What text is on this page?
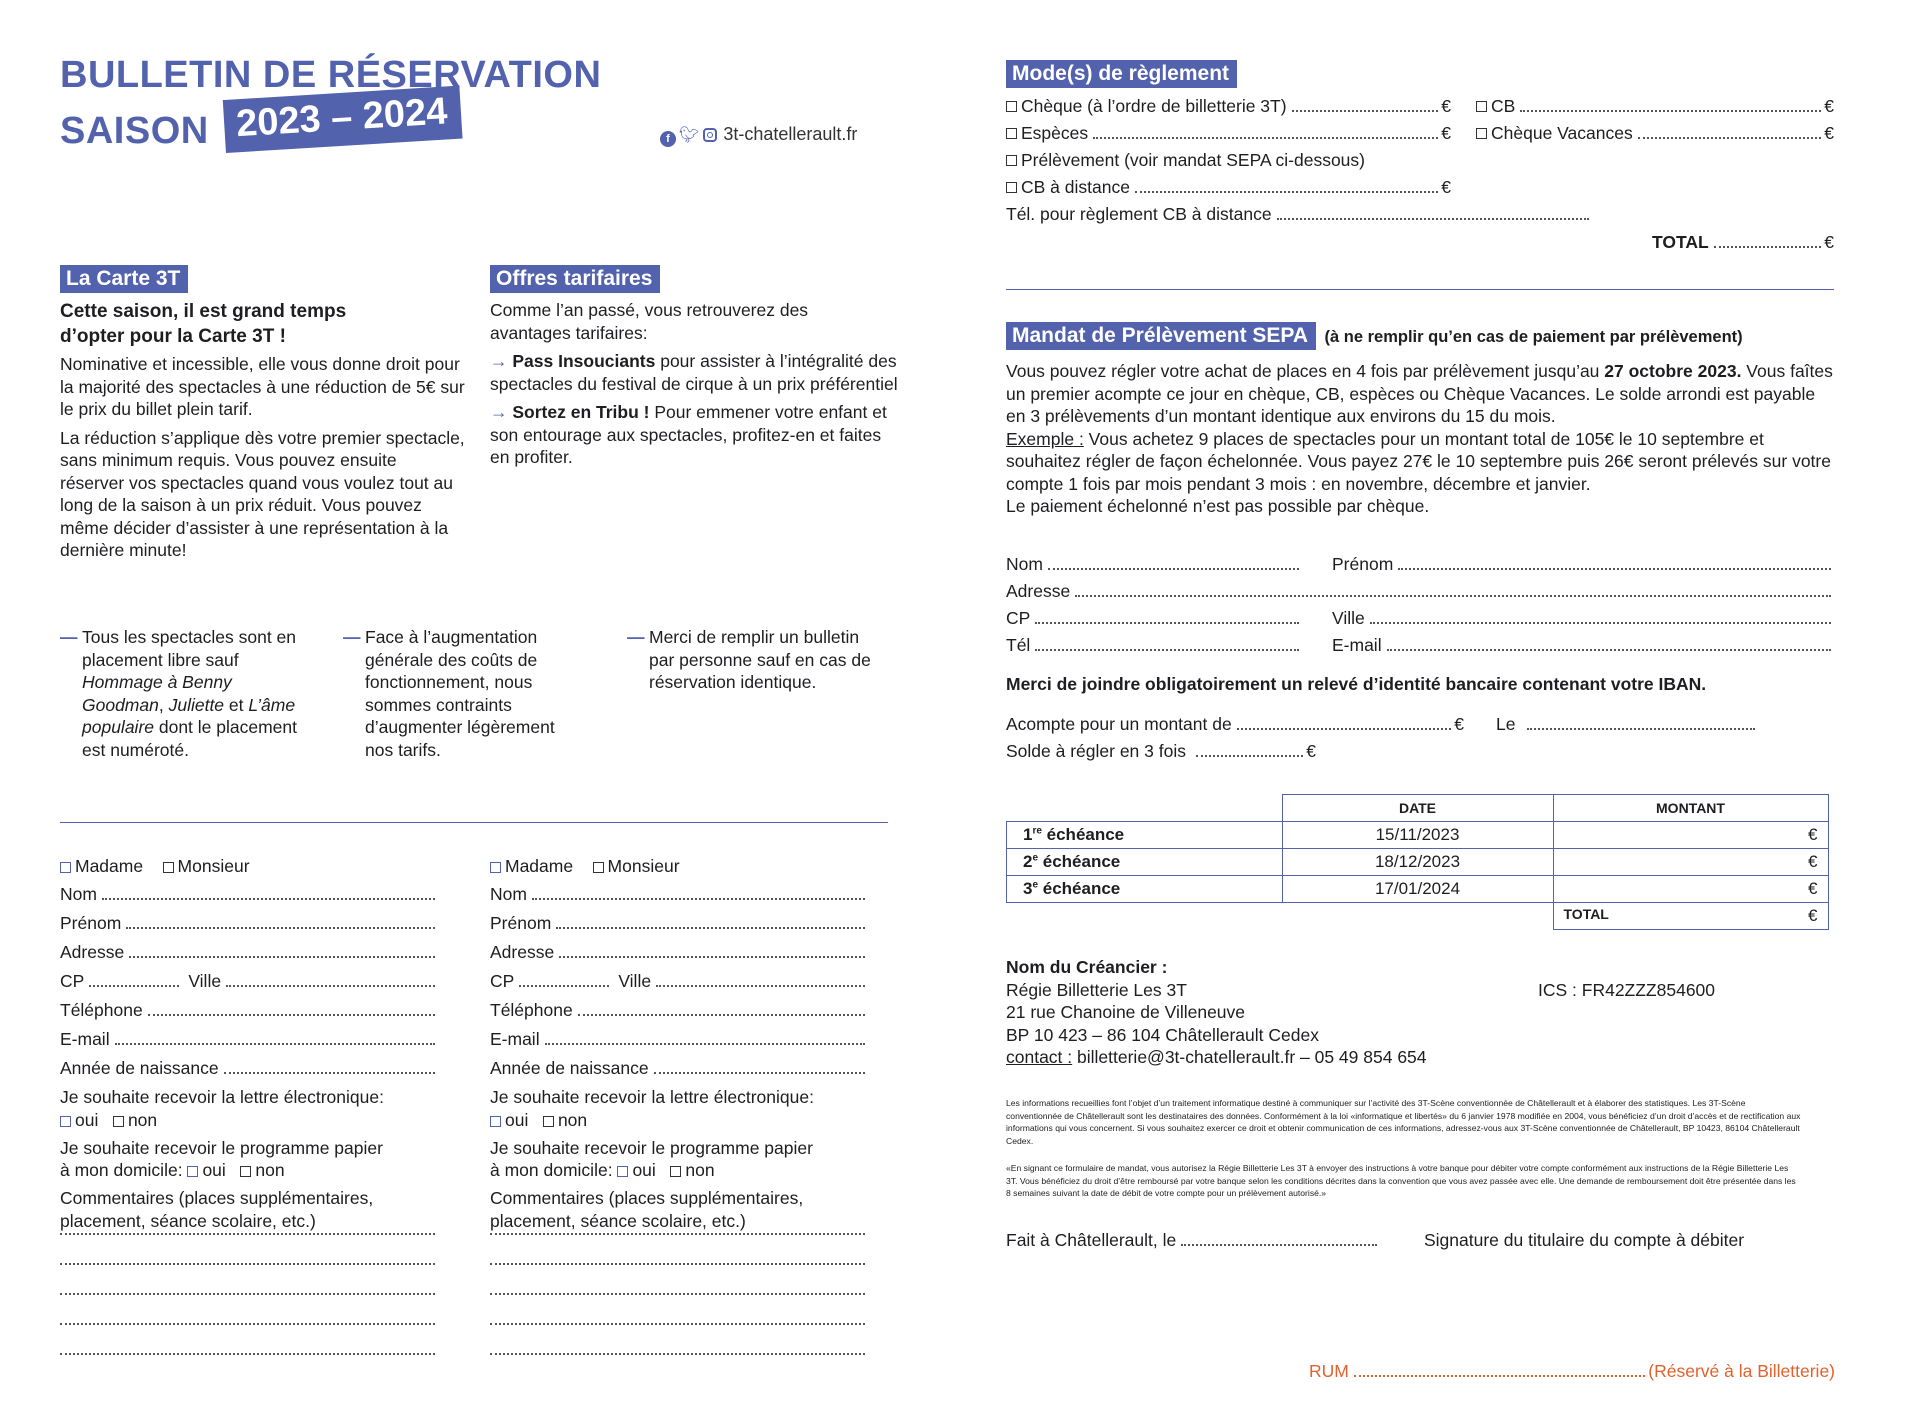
BULLETIN DE RÉSERVATION
SAISON 2023 – 2024	f 🐦︎ 3t-chatellerault.fr
La Carte 3T
Cette saison, il est grand temps d’opter pour la Carte 3T !
Nominative et incessible, elle vous donne droit pour la majorité des spectacles à une réduction de 5€ sur le prix du billet plein tarif.
La réduction s’applique dès votre premier spectacle, sans minimum requis. Vous pouvez ensuite réserver vos spectacles quand vous voulez tout au long de la saison à un prix réduit. Vous pouvez même décider d’assister à une représentation à la dernière minute!
Offres tarifaires
Comme l’an passé, vous retrouverez des avantages tarifaires:
→ Pass Insouciants pour assister à l’intégralité des spectacles du festival de cirque à un prix préférentiel
→ Sortez en Tribu ! Pour emmener votre enfant et son entourage aux spectacles, profitez-en et faites en profiter.
— Tous les spectacles sont en placement libre sauf Hommage à Benny Goodman, Juliette et L’âme populaire dont le placement est numéroté.
— Face à l’augmentation générale des coûts de fonctionnement, nous sommes contraints d’augmenter légèrement nos tarifs.
— Merci de remplir un bulletin par personne sauf en cas de réservation identique.
Madame Monsieur
Nom
Prénom
Adresse
CP	Ville
Téléphone
E-mail
Année de naissance
Je souhaite recevoir la lettre électronique:
oui non
Je souhaite recevoir le programme papier
à mon domicile: oui non
Commentaires (places supplémentaires, placement, séance scolaire, etc.)
Madame Monsieur
Nom
Prénom
Adresse
CP	Ville
Téléphone
E-mail
Année de naissance
Je souhaite recevoir la lettre électronique:
oui non
Je souhaite recevoir le programme papier
à mon domicile: oui non
Commentaires (places supplémentaires, placement, séance scolaire, etc.)
Mode(s) de règlement
Chèque (à l’ordre de billetterie 3T)	€
Espèces	€
Prélèvement (voir mandat SEPA ci-dessous)
CB à distance	€
Tél. pour règlement CB à distance
CB	€
Chèque Vacances	€
TOTAL	€
Mandat de Prélèvement SEPA (à ne remplir qu’en cas de paiement par prélèvement)
Vous pouvez régler votre achat de places en 4 fois par prélèvement jusqu’au 27 octobre 2023. Vous faîtes un premier acompte ce jour en chèque, CB, espèces ou Chèque Vacances. Le solde arrondi est payable en 3 prélèvements d’un montant identique aux environs du 15 du mois.
Exemple : Vous achetez 9 places de spectacles pour un montant total de 105€ le 10 septembre et souhaitez régler de façon échelonnée. Vous payez 27€ le 10 septembre puis 26€ seront prélevés sur votre compte 1 fois par mois pendant 3 mois : en novembre, décembre et janvier.
Le paiement échelonné n’est pas possible par chèque.
Nom	Prénom
Adresse
CP	Ville
Tél	E-mail
Merci de joindre obligatoirement un relevé d’identité bancaire contenant votre IBAN.
Acompte pour un montant de	€ Le
Solde à régler en 3 fois	€
	DATE	MONTANT
1re échéance	15/11/2023	€
2e échéance	18/12/2023	€
3e échéance	17/01/2024	€
		TOTAL €
Nom du Créancier :
Régie Billetterie Les 3T
21 rue Chanoine de Villeneuve
BP 10 423 – 86 104 Châtellerault Cedex
contact : billetterie@3t-chatellerault.fr – 05 49 854 654
ICS : FR42ZZZ854600
Les informations recueillies font l’objet d’un traitement informatique destiné à communiquer sur l’activité des 3T-Scène conventionnée de Châtellerault et à élaborer des statistiques. Les 3T-Scène conventionnée de Châtellerault sont les destinataires des données. Conformément à la loi «informatique et libertés» du 6 janvier 1978 modifiée en 2004, vous bénéficiez d’un droit d’accès et de rectification aux informations qui vous concernent. Si vous souhaitez exercer ce droit et obtenir communication de ces informations, adressez-vous aux 3T-Scène conventionnée de Châtellerault, BP 10423, 86104 Châtellerault Cedex.
«En signant ce formulaire de mandat, vous autorisez la Régie Billetterie Les 3T à envoyer des instructions à votre banque pour débiter votre compte conformément aux instructions de la Régie Billetterie Les 3T. Vous bénéficiez du droit d’être remboursé par votre banque selon les conditions décrites dans la convention que vous avez passée avec elle. Une demande de remboursement doit être présentée dans les 8 semaines suivant la date de débit de votre compte pour un prélèvement autorisé.»
Fait à Châtellerault, le	Signature du titulaire du compte à débiter
RUM	(Réservé à la Billetterie)
